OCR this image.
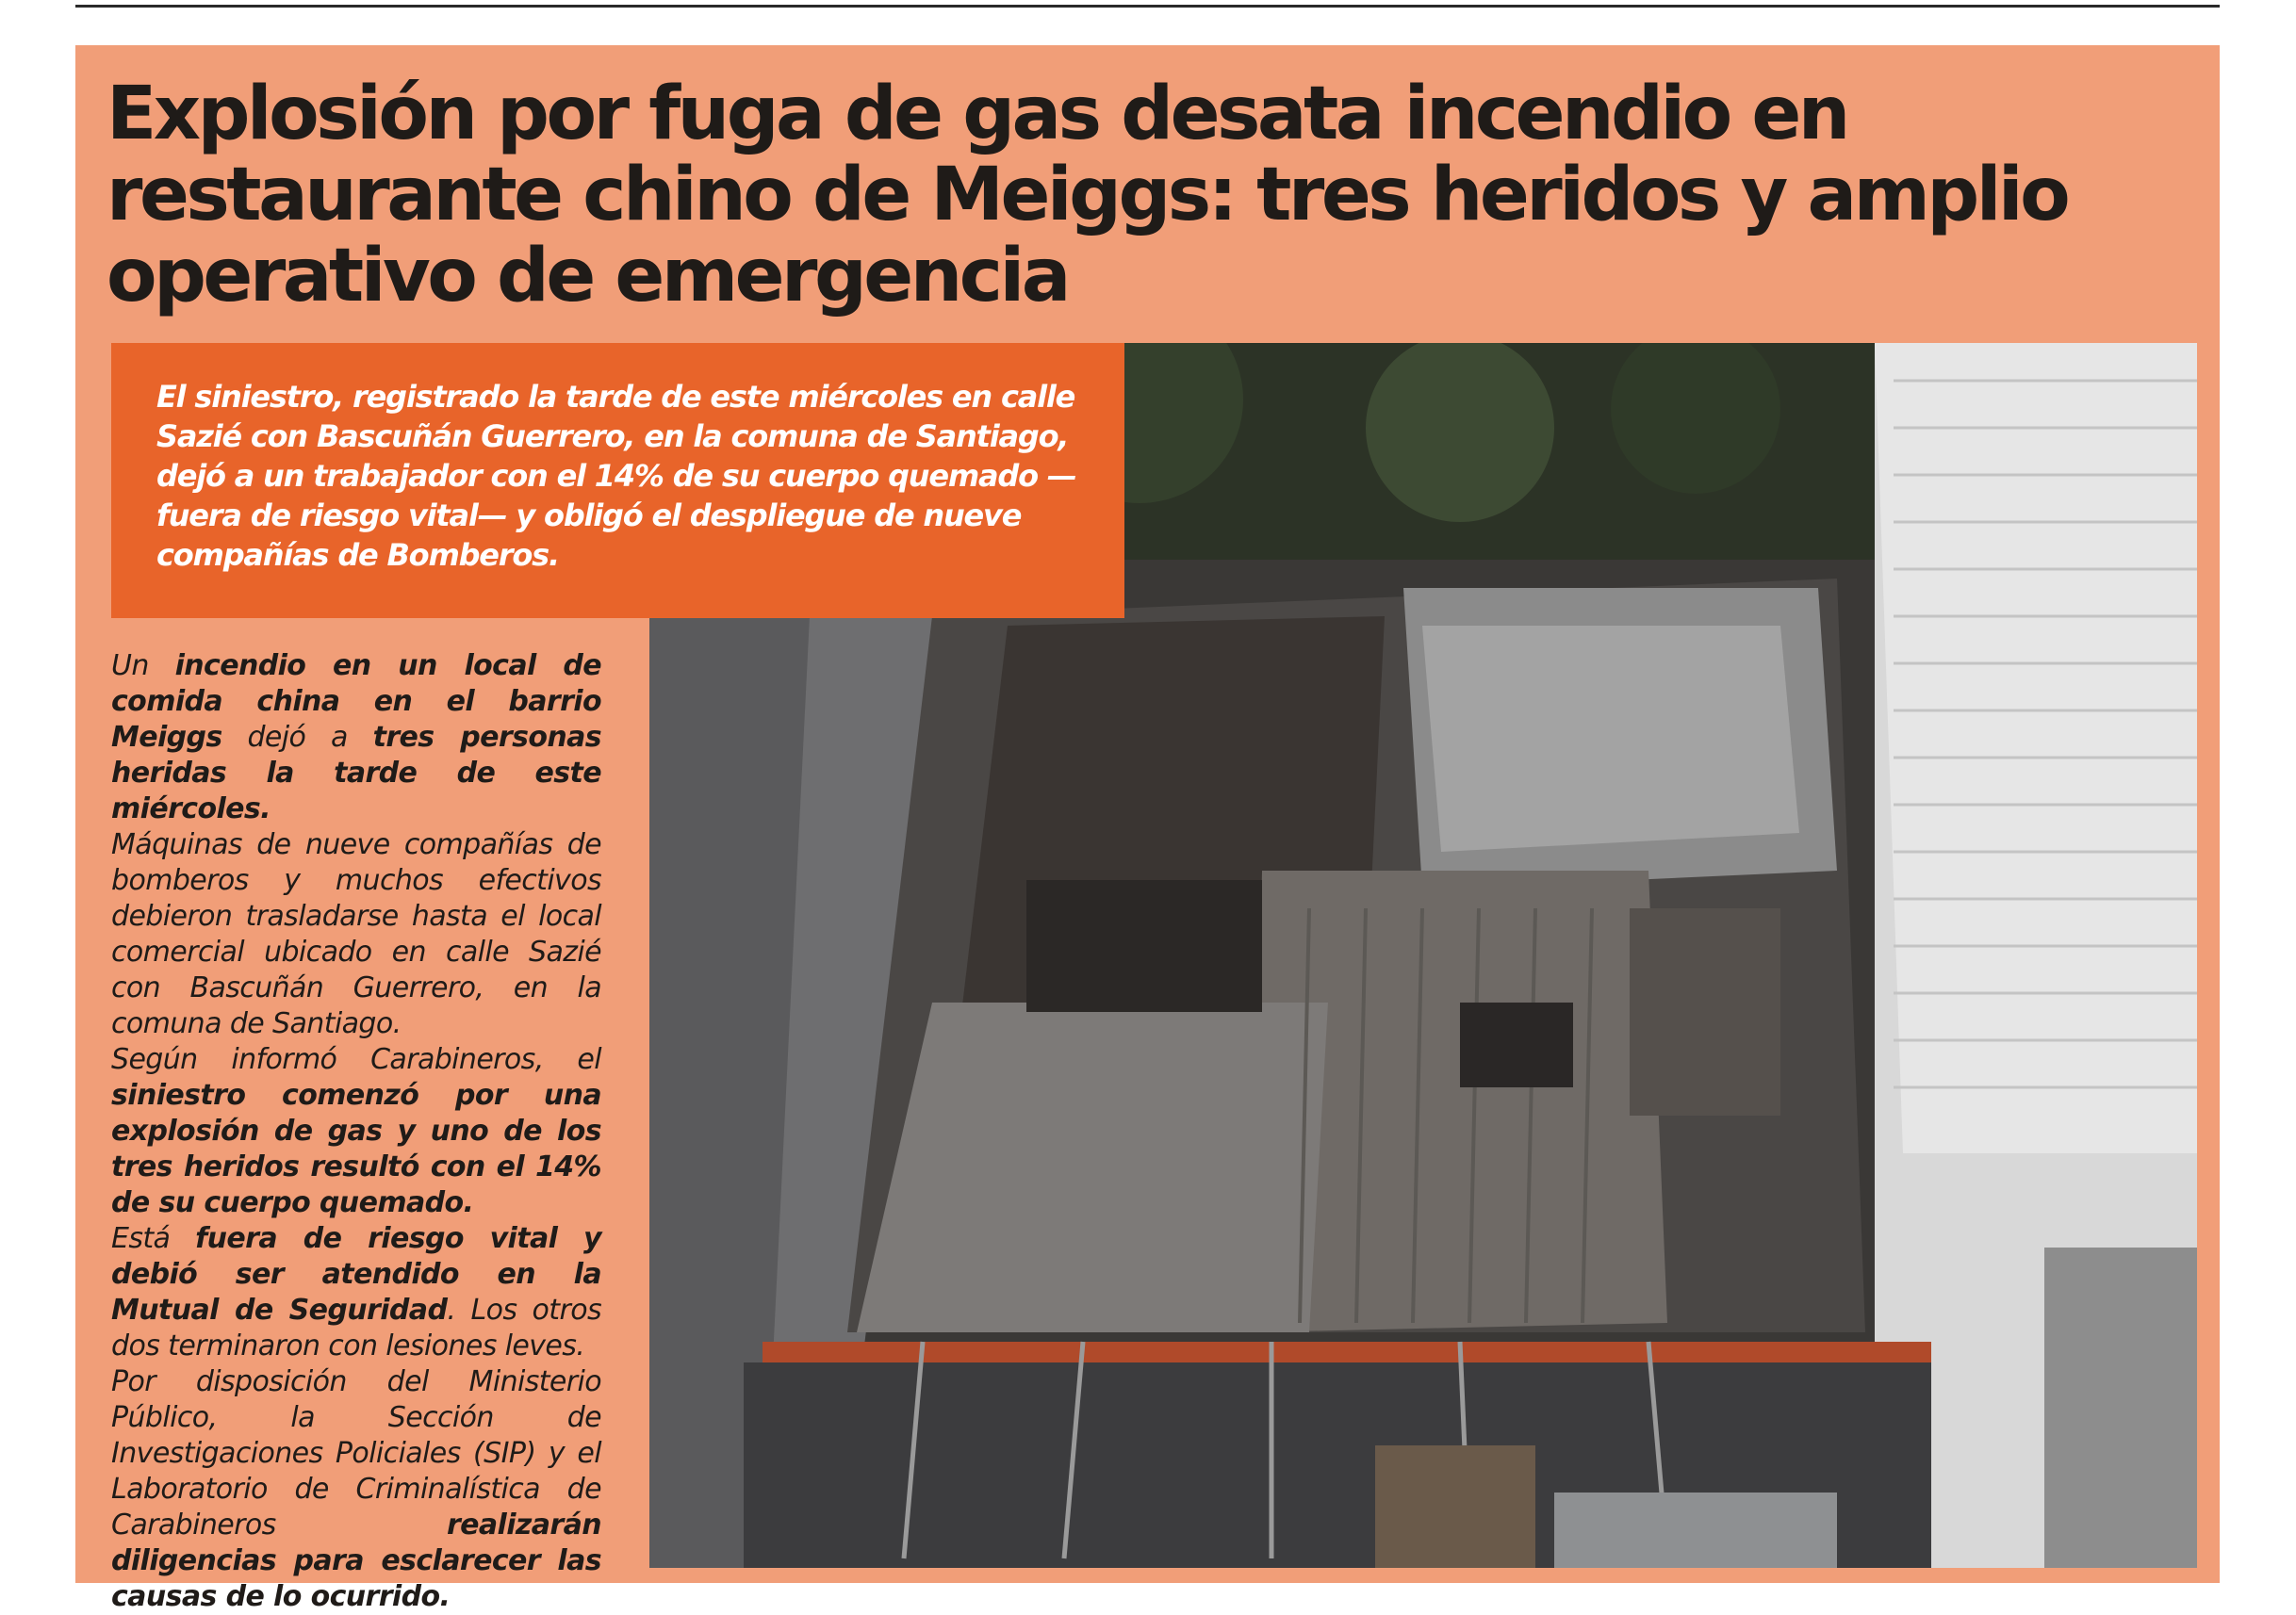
Explosión por fuga de gas desata incendio en restaurante chino de Meiggs: tres heridos y amplio operativo de emergencia

El siniestro, registrado la tarde de este miércoles en calle Sazié con Bascuñán Guerrero, en la comuna de Santiago, dejó a un trabajador con el 14% de su cuerpo quemado —fuera de riesgo vital— y obligó el despliegue de nueve compañías de Bomberos.

Un incendio en un local de comida china en el barrio Meiggs dejó a tres personas heridas la tarde de este miércoles.

Máquinas de nueve compañías de bomberos y muchos efectivos debieron trasladarse hasta el local comercial ubicado en calle Sazié con Bascuñán Guerrero, en la comuna de Santiago.

Según informó Carabineros, el siniestro comenzó por una explosión de gas y uno de los tres heridos resultó con el 14% de su cuerpo quemado.

Está fuera de riesgo vital y debió ser atendido en la Mutual de Seguridad. Los otros dos terminaron con lesiones leves.

Por disposición del Ministerio Público, la Sección de Investigaciones Policiales (SIP) y el Laboratorio de Criminalística de Carabineros realizarán diligencias para esclarecer las causas de lo ocurrido.
